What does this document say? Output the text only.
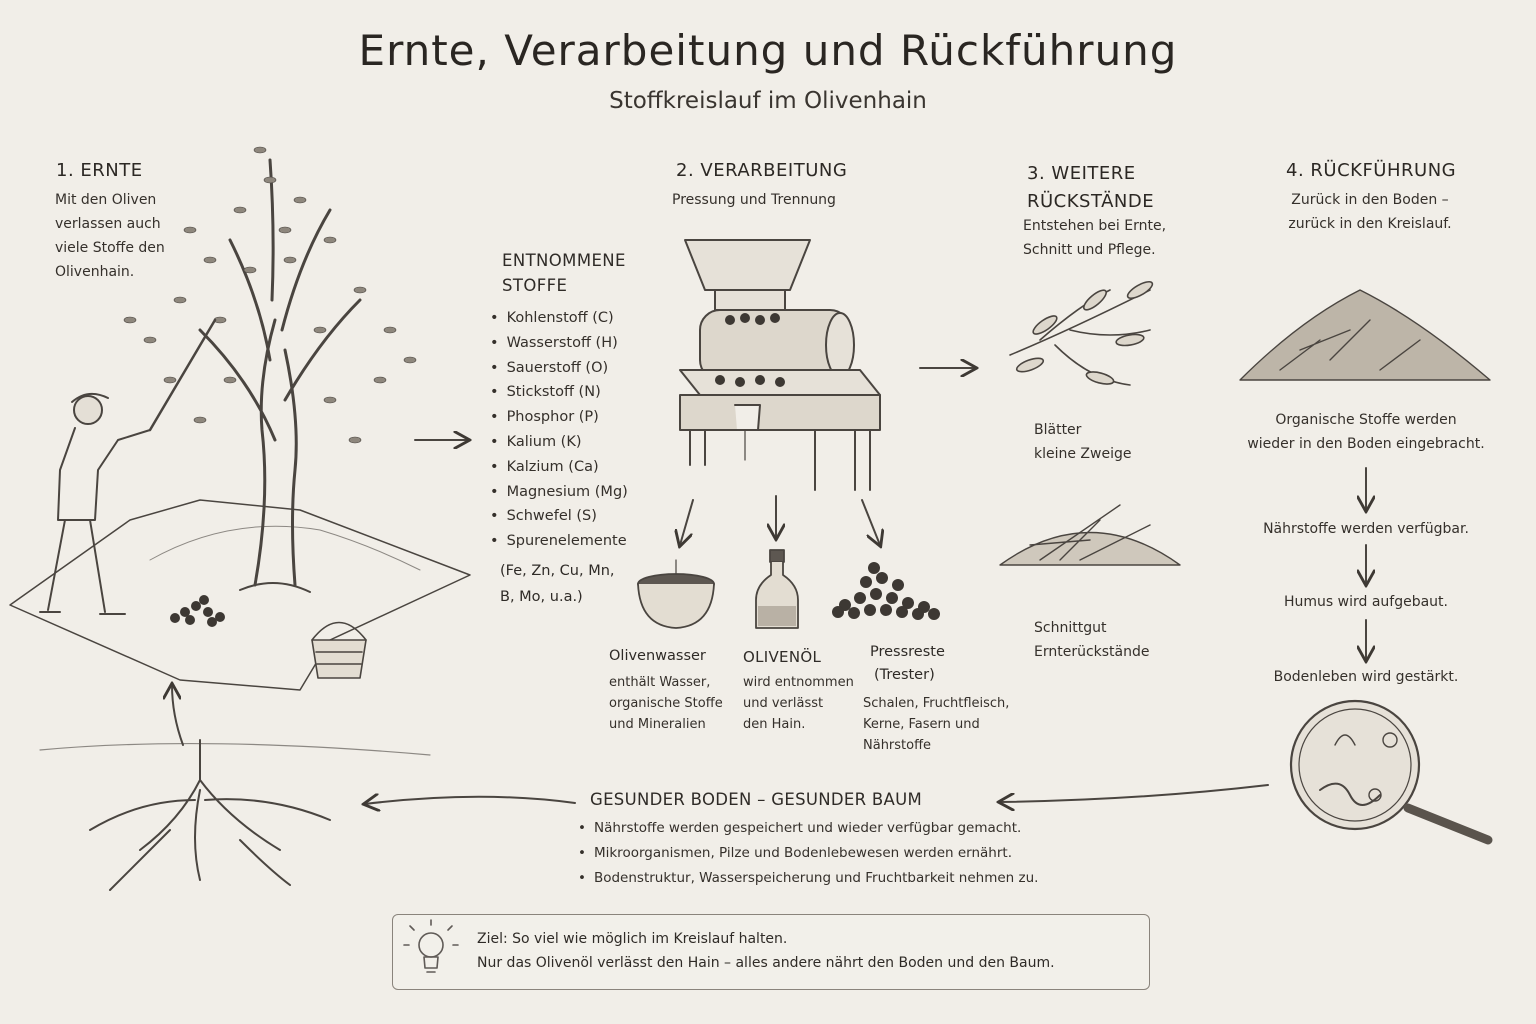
Ernte, Verarbeitung und Rückführung
Stoffkreislauf im Olivenhain
1. ERNTE
Mit den Oliven
verlassen auch
viele Stoffe den
Olivenhain.
ENTNOMMENE
STOFFE
• Kohlenstoff (C)
• Wasserstoff (H)
• Sauerstoff (O)
• Stickstoff (N)
• Phosphor (P)
• Kalium (K)
• Kalzium (Ca)
• Magnesium (Mg)
• Schwefel (S)
• Spurenelemente
(Fe, Zn, Cu, Mn,
B, Mo, u.a.)
2. VERARBEITUNG
Pressung und Trennung
Olivenwasser
enthält Wasser,
organische Stoffe
und Mineralien
OLIVENÖL
wird entnommen
und verlässt
den Hain.
Pressreste
(Trester)
Schalen, Fruchtfleisch,
Kerne, Fasern und
Nährstoffe
3. WEITERE
RÜCKSTÄNDE
Entstehen bei Ernte,
Schnitt und Pflege.
Blätter
kleine Zweige
Schnittgut
Ernterückstände
4. RÜCKFÜHRUNG
Zurück in den Boden –
zurück in den Kreislauf.
Organische Stoffe werden
wieder in den Boden eingebracht.
Nährstoffe werden verfügbar.
Humus wird aufgebaut.
Bodenleben wird gestärkt.
GESUNDER BODEN – GESUNDER BAUM
• Nährstoffe werden gespeichert und wieder verfügbar gemacht.
• Mikroorganismen, Pilze und Bodenlebewesen werden ernährt.
• Bodenstruktur, Wasserspeicherung und Fruchtbarkeit nehmen zu.
Ziel: So viel wie möglich im Kreislauf halten.
Nur das Olivenöl verlässt den Hain – alles andere nährt den Boden und den Baum.
